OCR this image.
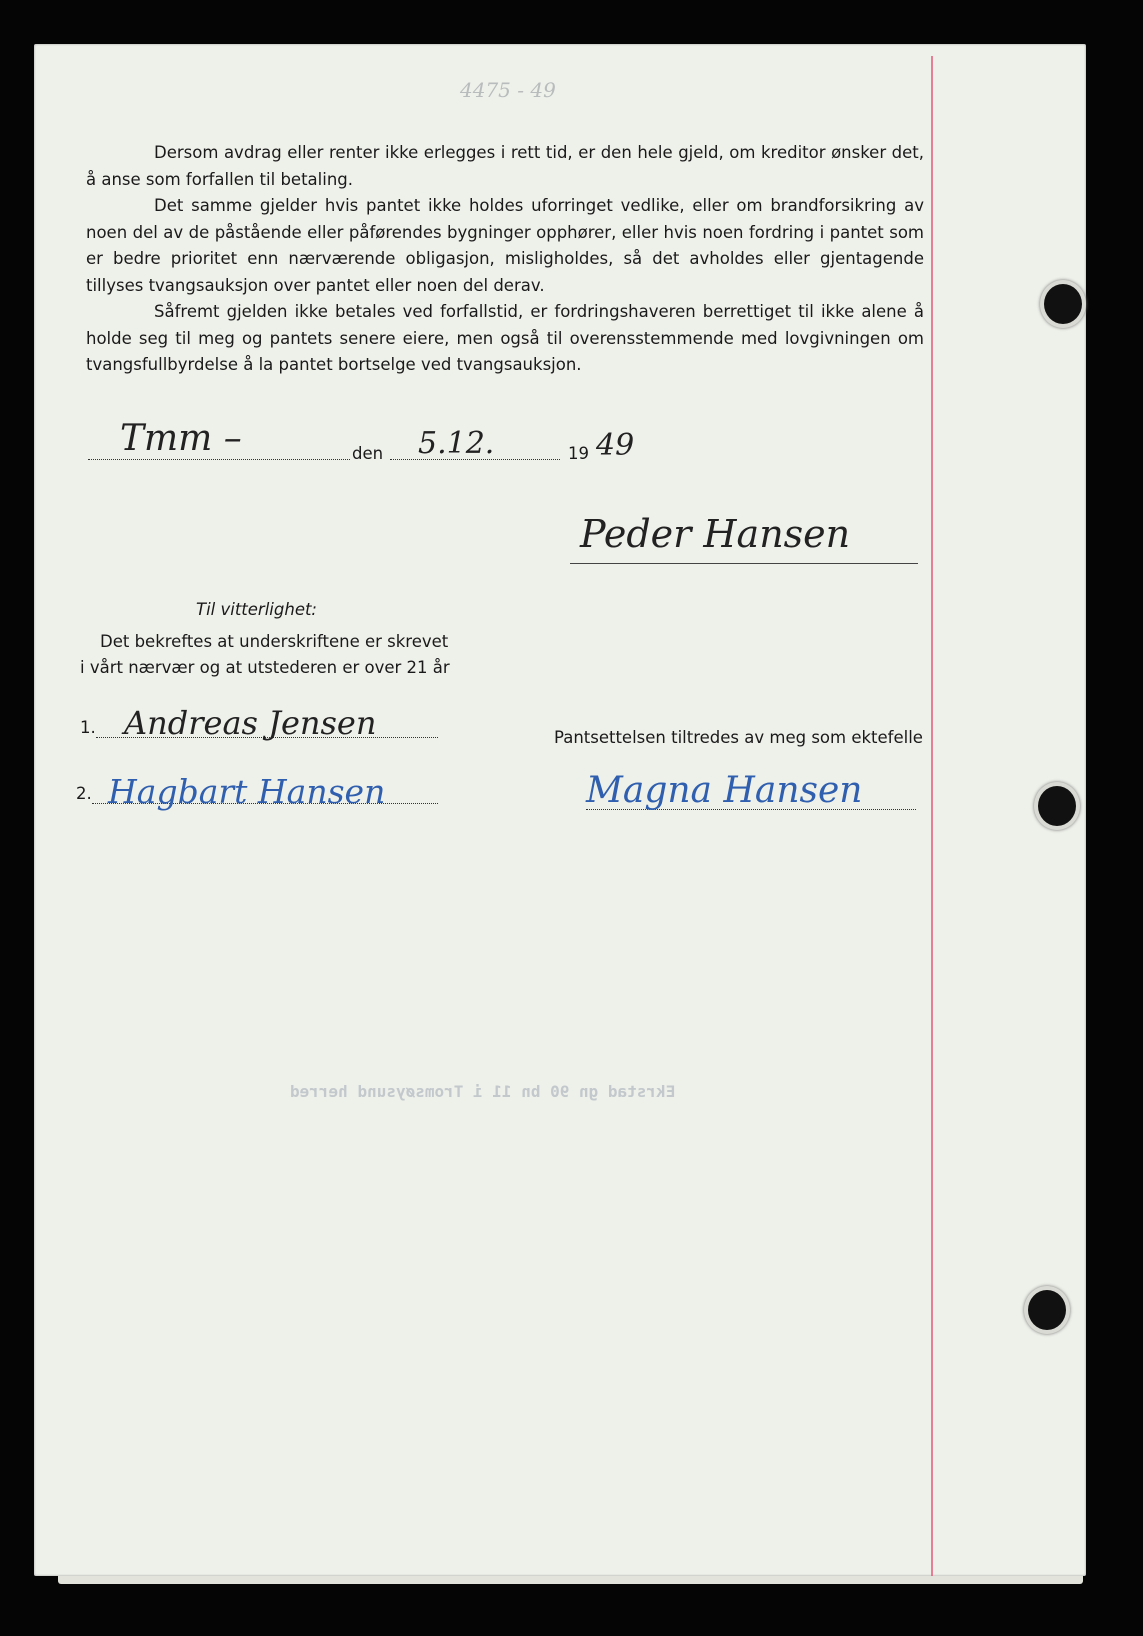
4475 - 49
Ekrstad gn 90 bn 11 i Tromsøysund herred

Dersom avdrag eller renter ikke erlegges i rett tid, er den hele gjeld, om kreditor ønsker det, å anse som forfallen til betaling.

Det samme gjelder hvis pantet ikke holdes uforringet vedlike, eller om brandforsikring av noen del av de påstående eller påførendes bygninger opphører, eller hvis noen fordring i pantet som er bedre prioritet enn nærværende obligasjon, misligholdes, så det avholdes eller gjentagende tillyses tvangsauksjon over pantet eller noen del derav.

Såfremt gjelden ikke betales ved forfallstid, er fordringshaveren berrettiget til ikke alene å holde seg til meg og pantets senere eiere, men også til overensstemmende med lovgivningen om tvangsfullbyrdelse å la pantet bortselge ved tvangsauksjon.

Tmm –	den 5.12.	19 49
Peder Hansen
Til vitterlighet:
Det bekreftes at underskriftene er skrevet
i vårt nærvær og at utstederen er over 21 år
1. Andreas Jensen
2. Hagbart Hansen
Pantsettelsen tiltredes av meg som ektefelle
Magna Hansen
